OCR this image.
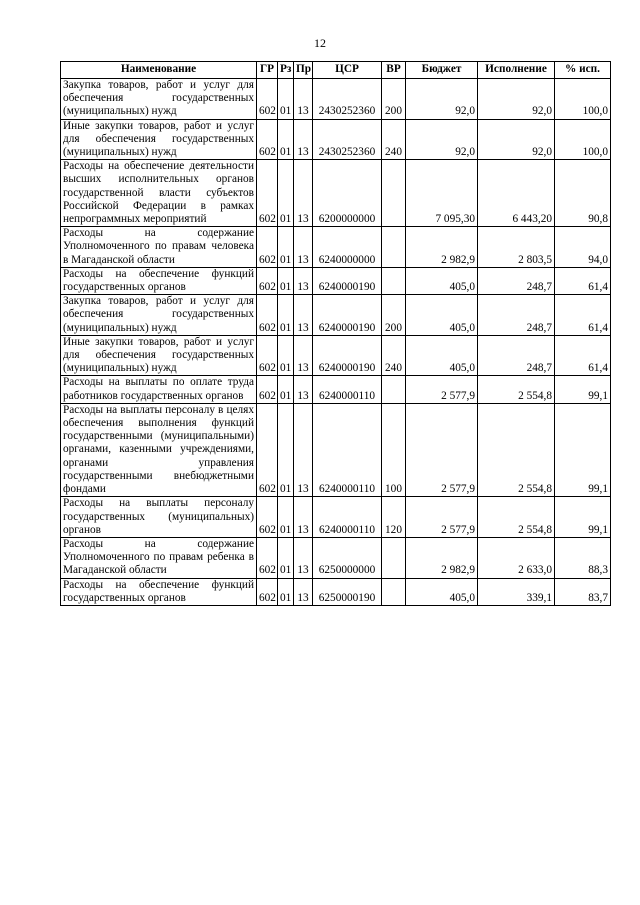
12
Наименование	ГР	Рз	Пр	ЦСР	ВР	Бюджет	Исполнение	% исп.
Закупка товаров, работ и услуг для обеспечения государственных (муниципальных) нужд	602	01	13	2430252360	200	92,0	92,0	100,0
Иные закупки товаров, работ и услуг для обеспечения государственных (муниципальных) нужд	602	01	13	2430252360	240	92,0	92,0	100,0
Расходы на обеспечение деятельности высших исполнительных органов государственной власти субъектов Российской Федерации в рамках непрограммных мероприятий	602	01	13	6200000000		7 095,30	6 443,20	90,8
Расходы на содержание Уполномоченного по правам человека в Магаданской области	602	01	13	6240000000		2 982,9	2 803,5	94,0
Расходы на обеспечение функций государственных органов	602	01	13	6240000190		405,0	248,7	61,4
Закупка товаров, работ и услуг для обеспечения государственных (муниципальных) нужд	602	01	13	6240000190	200	405,0	248,7	61,4
Иные закупки товаров, работ и услуг для обеспечения государственных (муниципальных) нужд	602	01	13	6240000190	240	405,0	248,7	61,4
Расходы на выплаты по оплате труда работников государственных органов	602	01	13	6240000110		2 577,9	2 554,8	99,1
Расходы на выплаты персоналу в целях обеспечения выполнения функций государственными (муниципальными) органами, казенными учреждениями, органами управления государственными внебюджетными фондами	602	01	13	6240000110	100	2 577,9	2 554,8	99,1
Расходы на выплаты персоналу государственных (муниципальных) органов	602	01	13	6240000110	120	2 577,9	2 554,8	99,1
Расходы на содержание Уполномоченного по правам ребенка в Магаданской области	602	01	13	6250000000		2 982,9	2 633,0	88,3
Расходы на обеспечение функций государственных органов	602	01	13	6250000190		405,0	339,1	83,7
